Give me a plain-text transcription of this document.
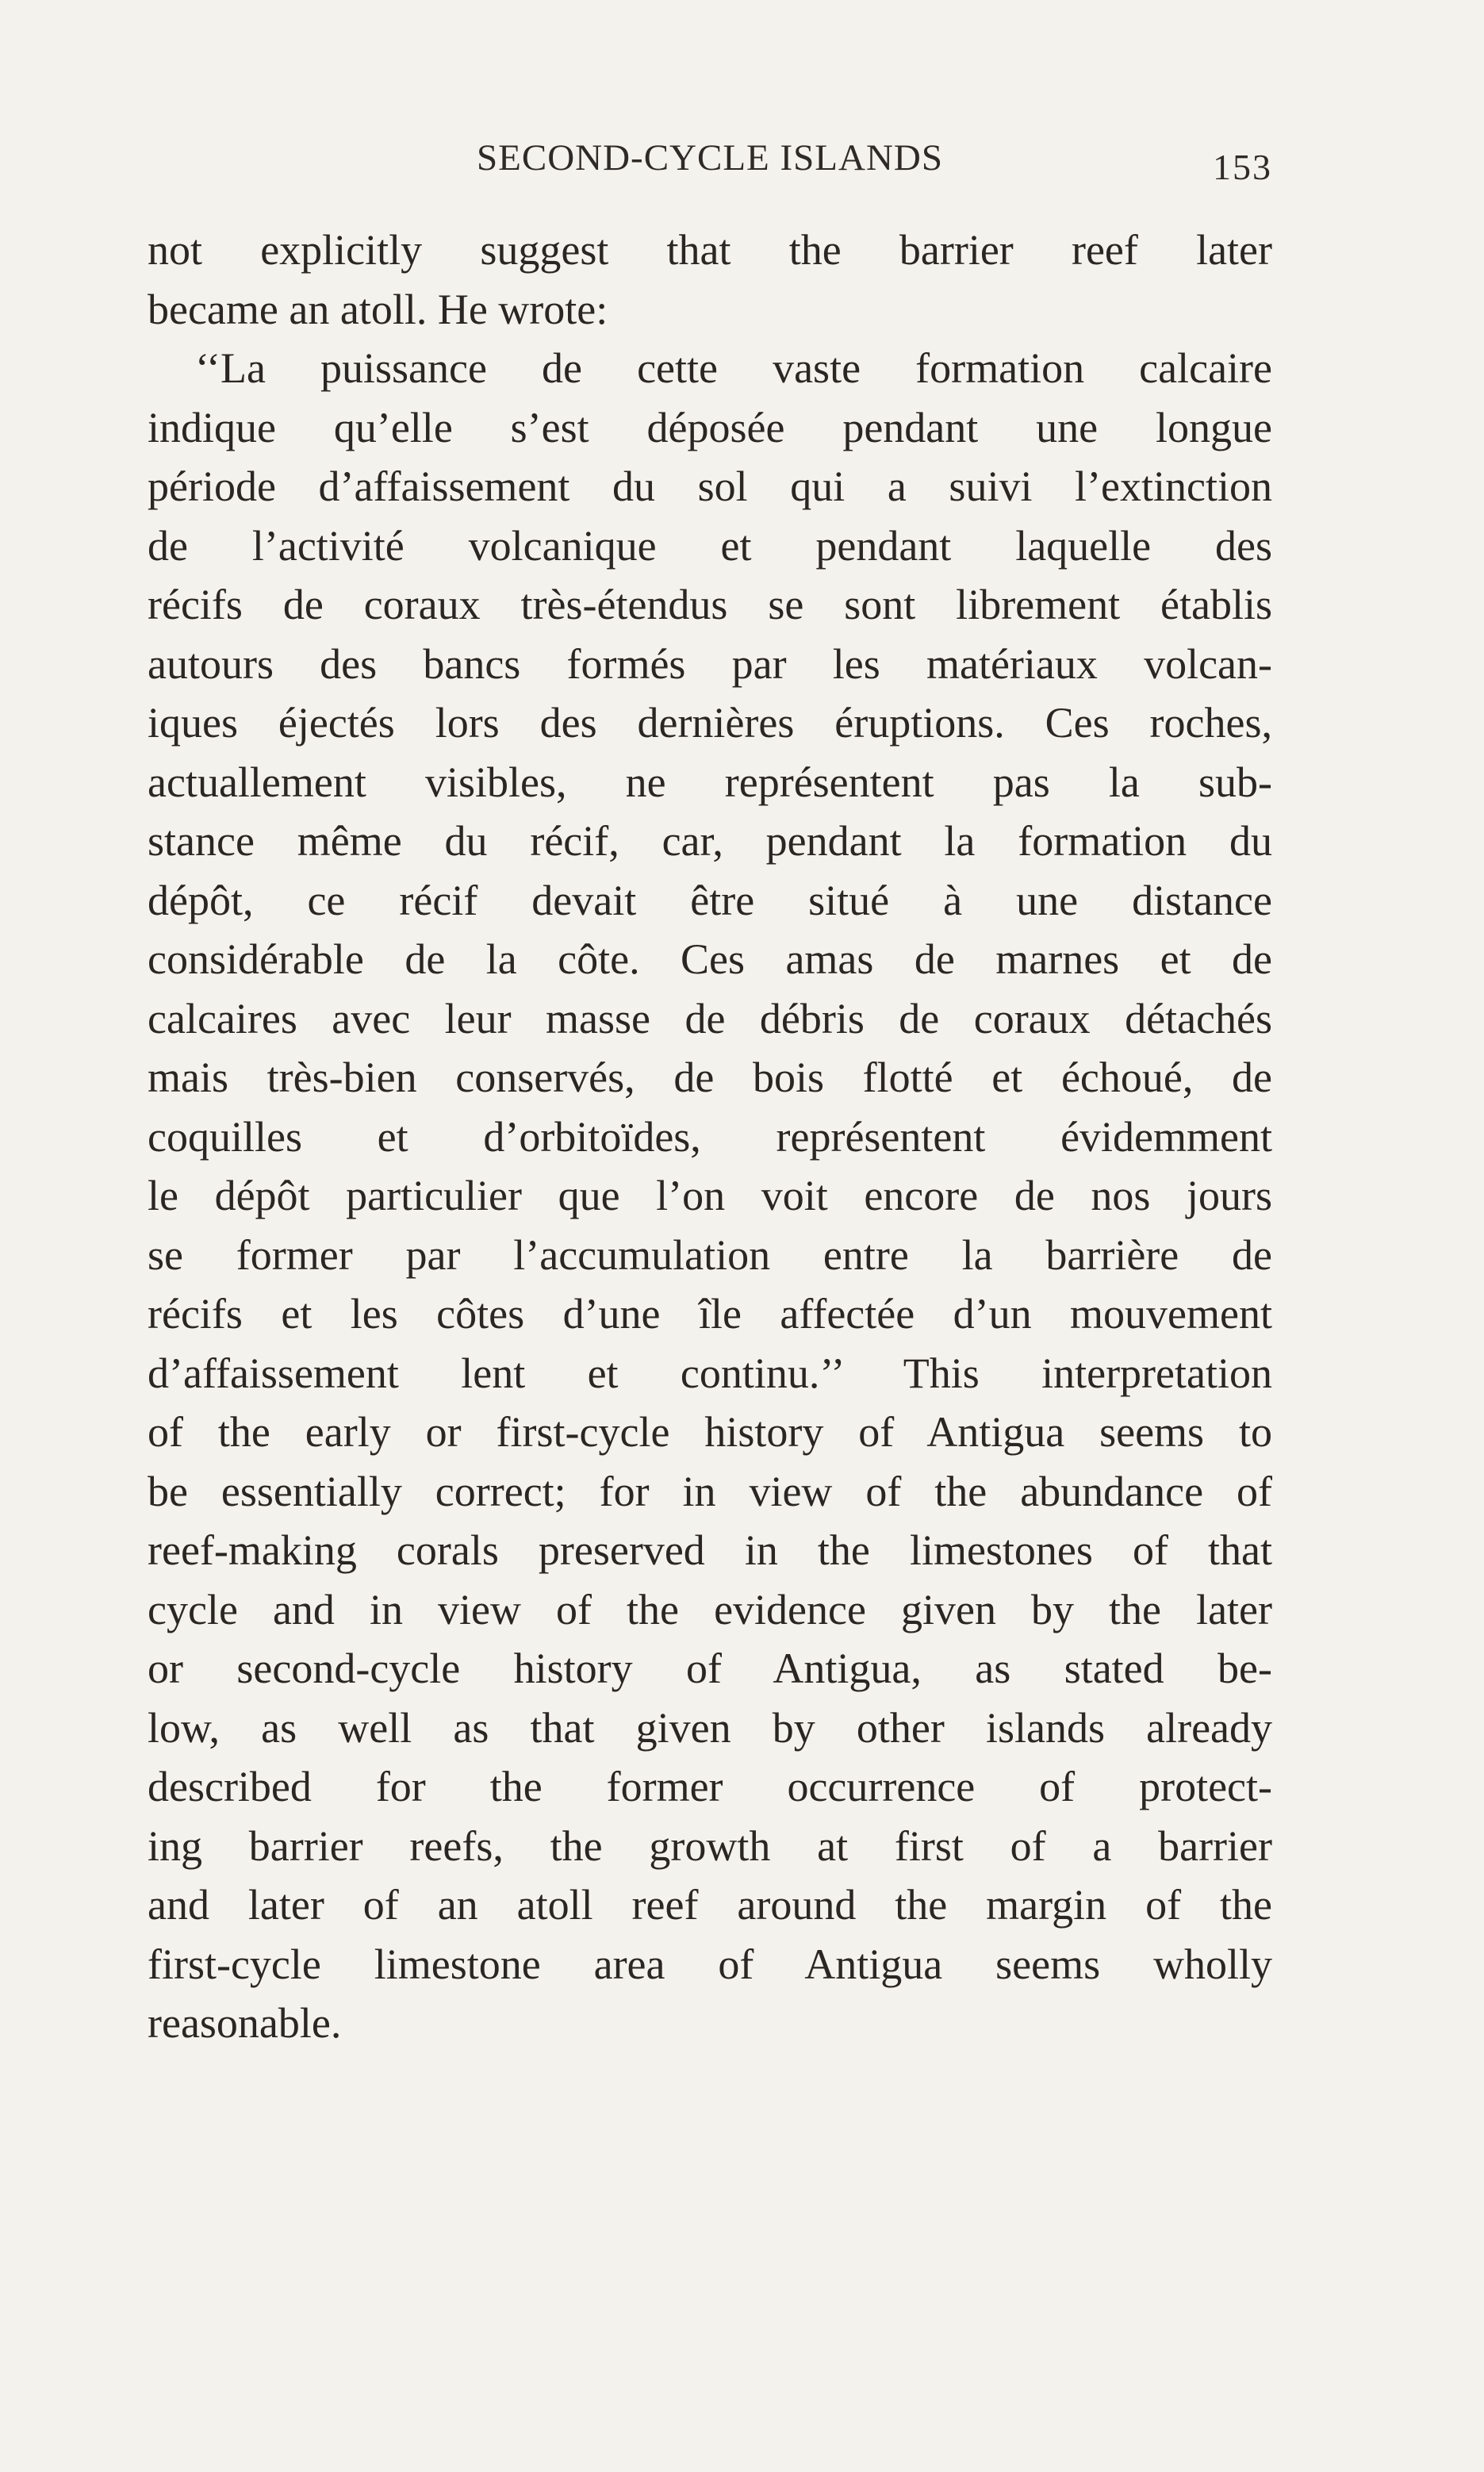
SECOND-CYCLE ISLANDS	153
not explicitly suggest that the barrier reef later
became an atoll. He wrote:
‘‘La puissance de cette vaste formation calcaire
indique qu’elle s’est déposée pendant une longue
période d’affaissement du sol qui a suivi l’extinction
de l’activité volcanique et pendant laquelle des
récifs de coraux très-étendus se sont librement établis
autours des bancs formés par les matériaux volcan-
iques éjectés lors des dernières éruptions. Ces roches,
actuallement visibles, ne représentent pas la sub-
stance même du récif, car, pendant la formation du
dépôt, ce récif devait être situé à une distance
considérable de la côte. Ces amas de marnes et de
calcaires avec leur masse de débris de coraux détachés
mais très-bien conservés, de bois flotté et échoué, de
coquilles et d’orbitoïdes, représentent évidemment
le dépôt particulier que l’on voit encore de nos jours
se former par l’accumulation entre la barrière de
récifs et les côtes d’une île affectée d’un mouvement
d’affaissement lent et continu.’’ This interpretation
of the early or first-cycle history of Antigua seems to
be essentially correct; for in view of the abundance of
reef-making corals preserved in the limestones of that
cycle and in view of the evidence given by the later
or second-cycle history of Antigua, as stated be-
low, as well as that given by other islands already
described for the former occurrence of protect-
ing barrier reefs, the growth at first of a barrier
and later of an atoll reef around the margin of the
first-cycle limestone area of Antigua seems wholly
reasonable.
